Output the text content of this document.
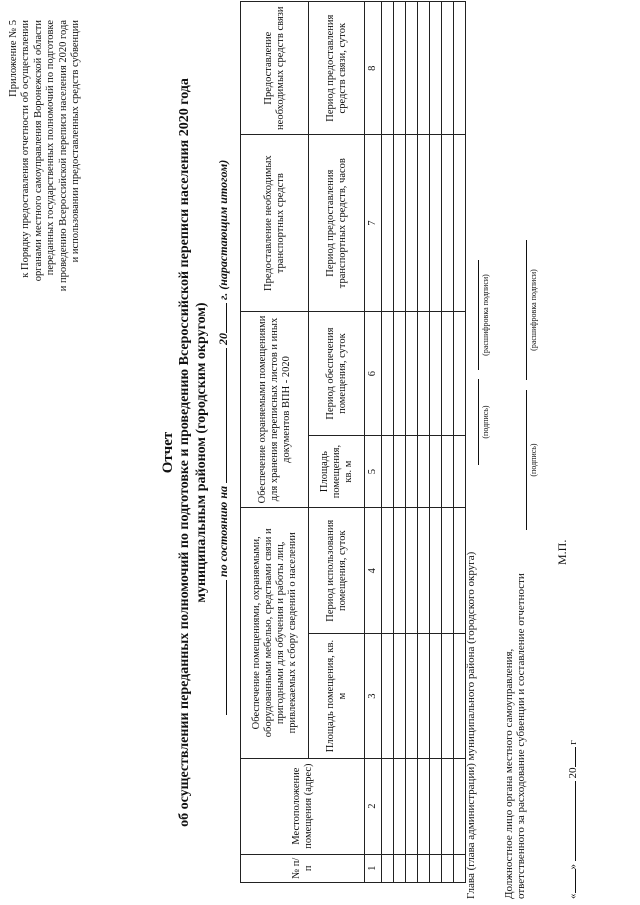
Приложение № 5 к Порядку предоставления отчетности об осуществлении органами местного самоуправления Воронежской области переданных государственных полномочий по подготовке и проведению Всероссийской переписи населения 2020 года и использовании предоставленных средств субвенции
Отчет об осуществлении переданных полномочий по подготовке и проведению Всероссийской переписи населения 2020 года муниципальным районом (городским округом) по состоянию на  20 г. (нарастающим итогом)
№ п/п	Местоположение помещения (адрес)	Обеспечение помещениями, охраняемыми, оборудованными мебелью, средствами связи и пригодными для обучения и работы лиц, привлекаемых к сбору сведений о населении		Обеспечение охраняемыми помещениями для хранения переписных листов и иных документов ВПН - 2020		Предоставление необходимых транспортных средств	Предоставление необходимых средств связи
		Площадь помещения, кв. м	Период использования помещения, суток	Площадь помещения, кв. м	Период обеспечения помещения, суток	Период предоставления транспортных средств, часов	Период предоставления средств связи, суток
1	2	3	4	5	6	7	8

Глава (глава администрации) муниципального района (городского округа)
(подпись)
(расшифровка подписи)
Должностное лицо органа местного самоуправления, ответственного за расходование субвенции и составление отчетности
(подпись)
(расшифровка подписи)
М.П.
«»  20 г
